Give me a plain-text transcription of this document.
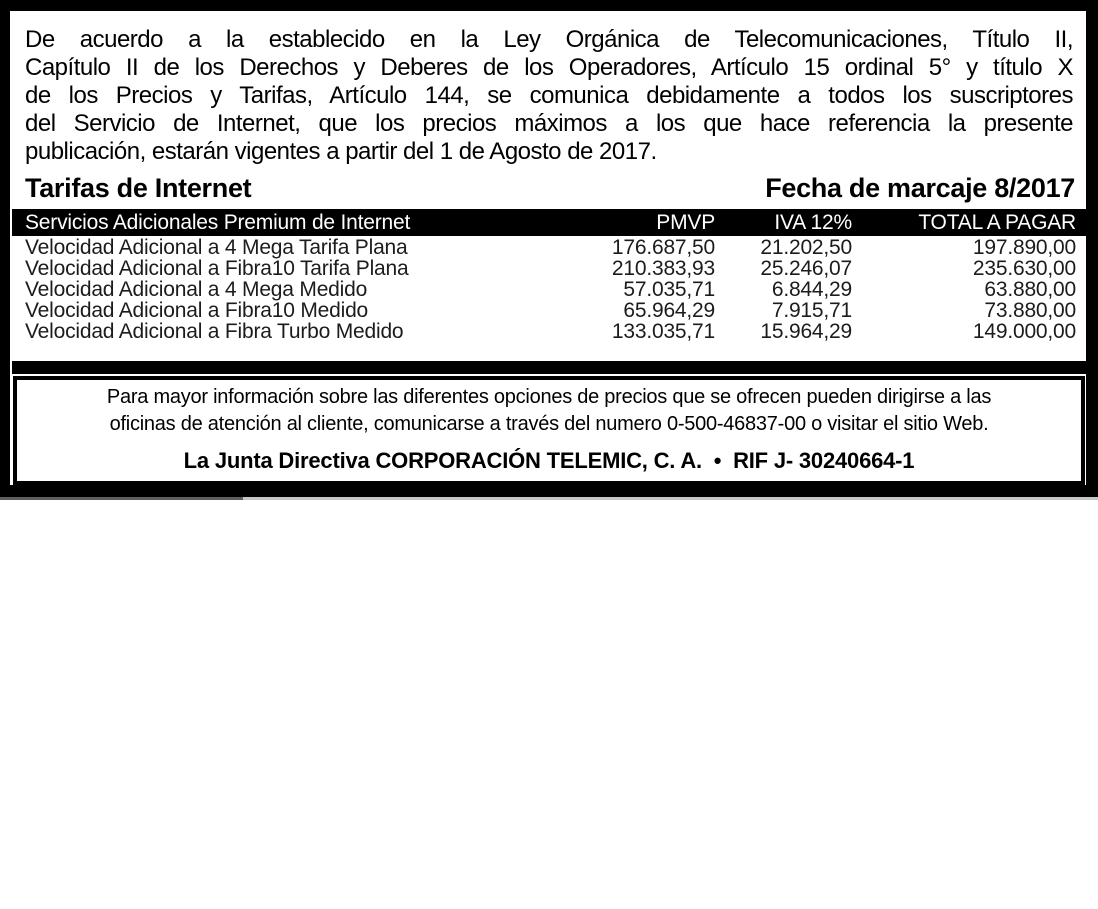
De acuerdo a la establecido en la Ley Orgánica de Telecomunicaciones, Título II,
Capítulo II de los Derechos y Deberes de los Operadores, Artículo 15 ordinal 5° y título X
de los Precios y Tarifas, Artículo 144, se comunica debidamente a todos los suscriptores
del Servicio de Internet, que los precios máximos a los que hace referencia la presente
publicación, estarán vigentes a partir del 1 de Agosto de 2017.
Tarifas de Internet	Fecha de marcaje 8/2017
Servicios Adicionales Premium de Internet	PMVP	IVA 12%	TOTAL A PAGAR
Velocidad Adicional a 4 Mega Tarifa Plana	176.687,50	21.202,50	197.890,00
Velocidad Adicional a Fibra10 Tarifa Plana	210.383,93	25.246,07	235.630,00
Velocidad Adicional a 4 Mega Medido	57.035,71	6.844,29	63.880,00
Velocidad Adicional a Fibra10 Medido	65.964,29	7.915,71	73.880,00
Velocidad Adicional a Fibra Turbo Medido	133.035,71	15.964,29	149.000,00
Para mayor información sobre las diferentes opciones de precios que se ofrecen pueden dirigirse a las
oficinas de atención al cliente, comunicarse a través del numero 0-500-46837-00 o visitar el sitio Web.
La Junta Directiva CORPORACIÓN TELEMIC, C. A.  •  RIF J- 30240664-1
